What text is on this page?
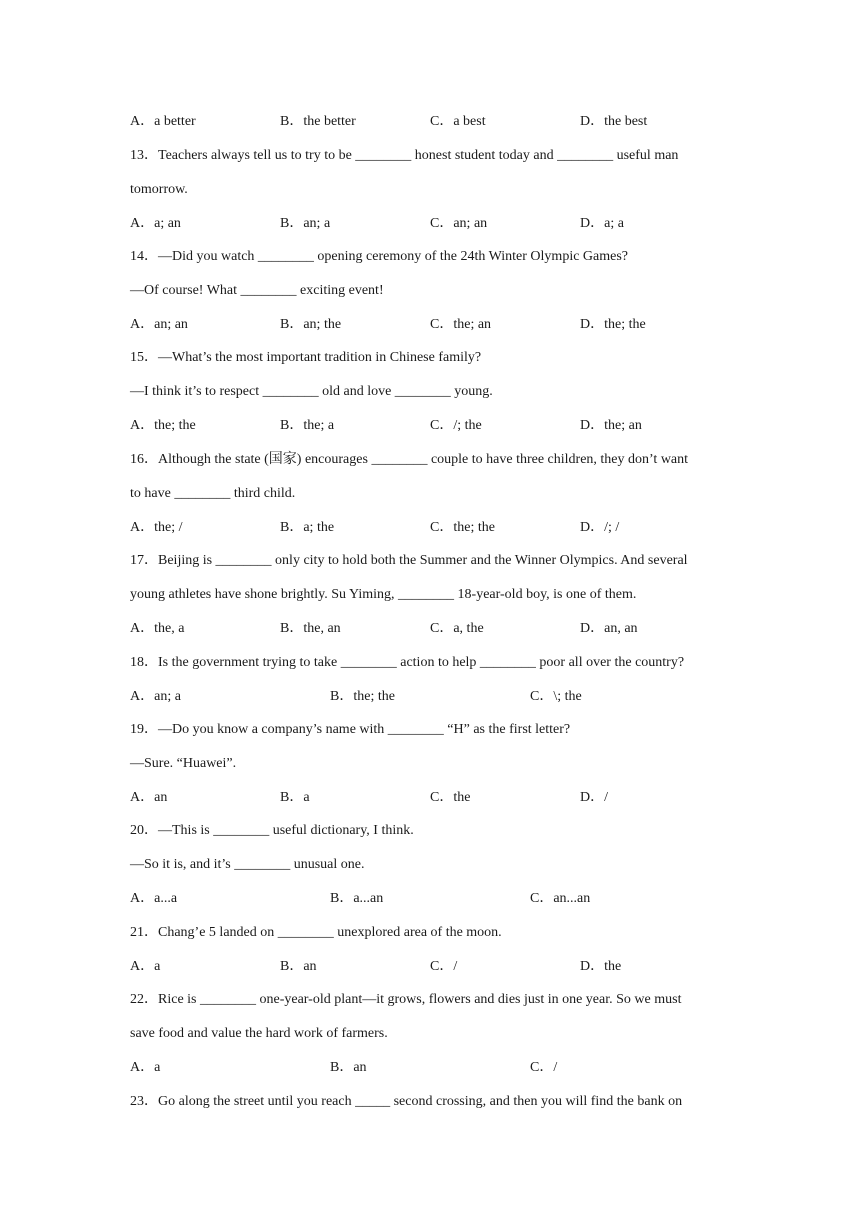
A．a better	B．the better	C．a best	D．the best
13．Teachers always tell us to try to be ________ honest student today and ________ useful man
tomorrow.
A．a; an	B．an; a	C．an; an	D．a; a
14．—Did you watch ________ opening ceremony of the 24th Winter Olympic Games?
—Of course! What ________ exciting event!
A．an; an	B．an; the	C．the; an	D．the; the
15．—What’s the most important tradition in Chinese family?
—I think it’s to respect ________ old and love ________ young.
A．the; the	B．the; a	C．/; the	D．the; an
16．Although the state (国家) encourages ________ couple to have three children, they don’t want
to have ________ third child.
A．the; /	B．a; the	C．the; the	D．/; /
17．Beijing is ________ only city to hold both the Summer and the Winner Olympics. And several
young athletes have shone brightly. Su Yiming, ________ 18-year-old boy, is one of them.
A．the, a	B．the, an	C．a, the	D．an, an
18．Is the government trying to take ________ action to help ________ poor all over the country?
A．an; a	B．the; the	C．\; the
19．—Do you know a company’s name with ________ “H” as the first letter?
—Sure. “Huawei”.
A．an	B．a	C．the	D．/
20．—This is ________ useful dictionary, I think.
—So it is, and it’s ________ unusual one.
A．a...a	B．a...an	C．an...an
21．Chang’e 5 landed on ________ unexplored area of the moon.
A．a	B．an	C．/	D．the
22．Rice is ________ one-year-old plant—it grows, flowers and dies just in one year. So we must
save food and value the hard work of farmers.
A．a	B．an	C．/
23．Go along the street until you reach _____ second crossing, and then you will find the bank on
